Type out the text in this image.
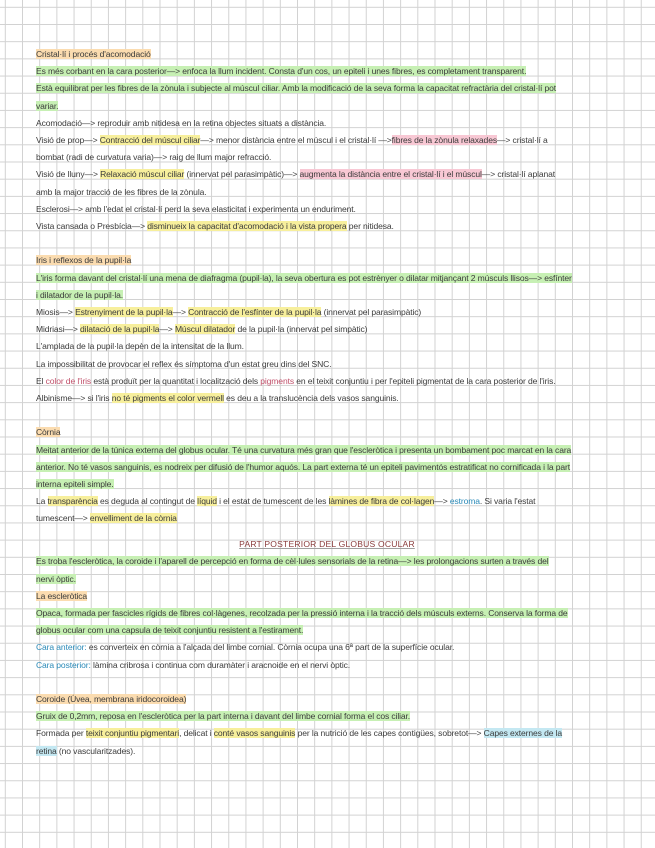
Cristal·lí i procés d'acomodació
Es més corbant en la cara posterior—> enfoca la llum incident. Consta d'un cos, un epiteli i unes fibres, es completament transparent.
Està equilibrat per les fibres de la zònula i subjecte al múscul ciliar. Amb la modificació de la seva forma la capacitat refractària del cristal·lí pot
variar.
Acomodació—> reproduir amb nitidesa en la retina objectes situats a distància.
Visió de prop—> Contracció del múscul ciliar—> menor distància entre el múscul i el cristal·lí —>fibres de la zònula relaxades—> cristal·lí a
bombat (radi de curvatura varia)—> raig de llum major refracció.
Visió de lluny—> Relaxació múscul ciliar (innervat pel parasimpàtic)—> augmenta la distància entre el cristal·lí i el múscul—> cristal·lí aplanat
amb la major tracció de les fibres de la zònula.
Esclerosi—> amb l'edat el cristal·lí perd la seva elasticitat i experimenta un enduriment.
Vista cansada o Presbícia—> disminueix la capacitat d'acomodació i la vista propera per nitidesa.
Iris i reflexos de la pupil·la
L'iris forma davant del cristal·lí una mena de diafragma (pupil·la), la seva obertura es pot estrènyer o dilatar mitjançant 2 músculs llisos—> esfínter
i dilatador de la pupil·la.
Miosis—> Estrenyiment de la pupil·la—> Contracció de l'esfínter de la pupil·la (innervat pel parasimpàtic)
Midriasi—> dilatació de la pupil·la—> Múscul dilatador de la pupil·la (innervat pel simpàtic)
L'amplada de la pupil·la depèn de la intensitat de la llum.
La impossibilitat de provocar el reflex és símptoma d'un estat greu dins del SNC.
El color de l'iris està produït per la quantitat i localització dels pigments en el teixit conjuntiu i per l'epiteli pigmentat de la cara posterior de l'iris.
Albinisme—> si l'iris no té pigments el color vermell es deu a la translucència dels vasos sanguinis.
Còrnia
Meitat anterior de la túnica externa del globus ocular. Té una curvatura més gran que l'escleròtica i presenta un bombament poc marcat en la cara
anterior. No té vasos sanguinis, es nodreix per difusió de l'humor aquós. La part externa té un epiteli pavimentós estratificat no cornificada i la part
interna epiteli simple.
La transparència es deguda al contingut de líquid i el estat de tumescent de les làmines de fibra de col·lagen—> estroma. Si varia l'estat
tumescent—> envelliment de la còrnia
PART POSTERIOR DEL GLOBUS OCULAR
Es troba l'escleròtica, la coroide i l'aparell de percepció en forma de cèl·lules sensorials de la retina—> les prolongacions surten a través del
nervi òptic.
La escleròtica
Opaca, formada per fascicles rígids de fibres col·làgenes, recolzada per la pressió interna i la tracció dels músculs externs. Conserva la forma de
globus ocular com una capsula de teixit conjuntiu resistent a l'estirament.
Cara anterior: es converteix en còrnia a l'alçada del limbe cornial. Còrnia ocupa una 6ª part de la superfície ocular.
Cara posterior: làmina cribrosa i continua com duramàter i aracnoide en el nervi òptic.
Coroide (Úvea, membrana iridocoroidea)
Gruix de 0,2mm, reposa en l'escleròtica per la part interna i davant del limbe cornial forma el cos ciliar.
Formada per teixit conjuntiu pigmentari, delicat i conté vasos sanguinis per la nutrició de les capes contigües, sobretot—> Capes externes de la
retina (no vascularitzades).
